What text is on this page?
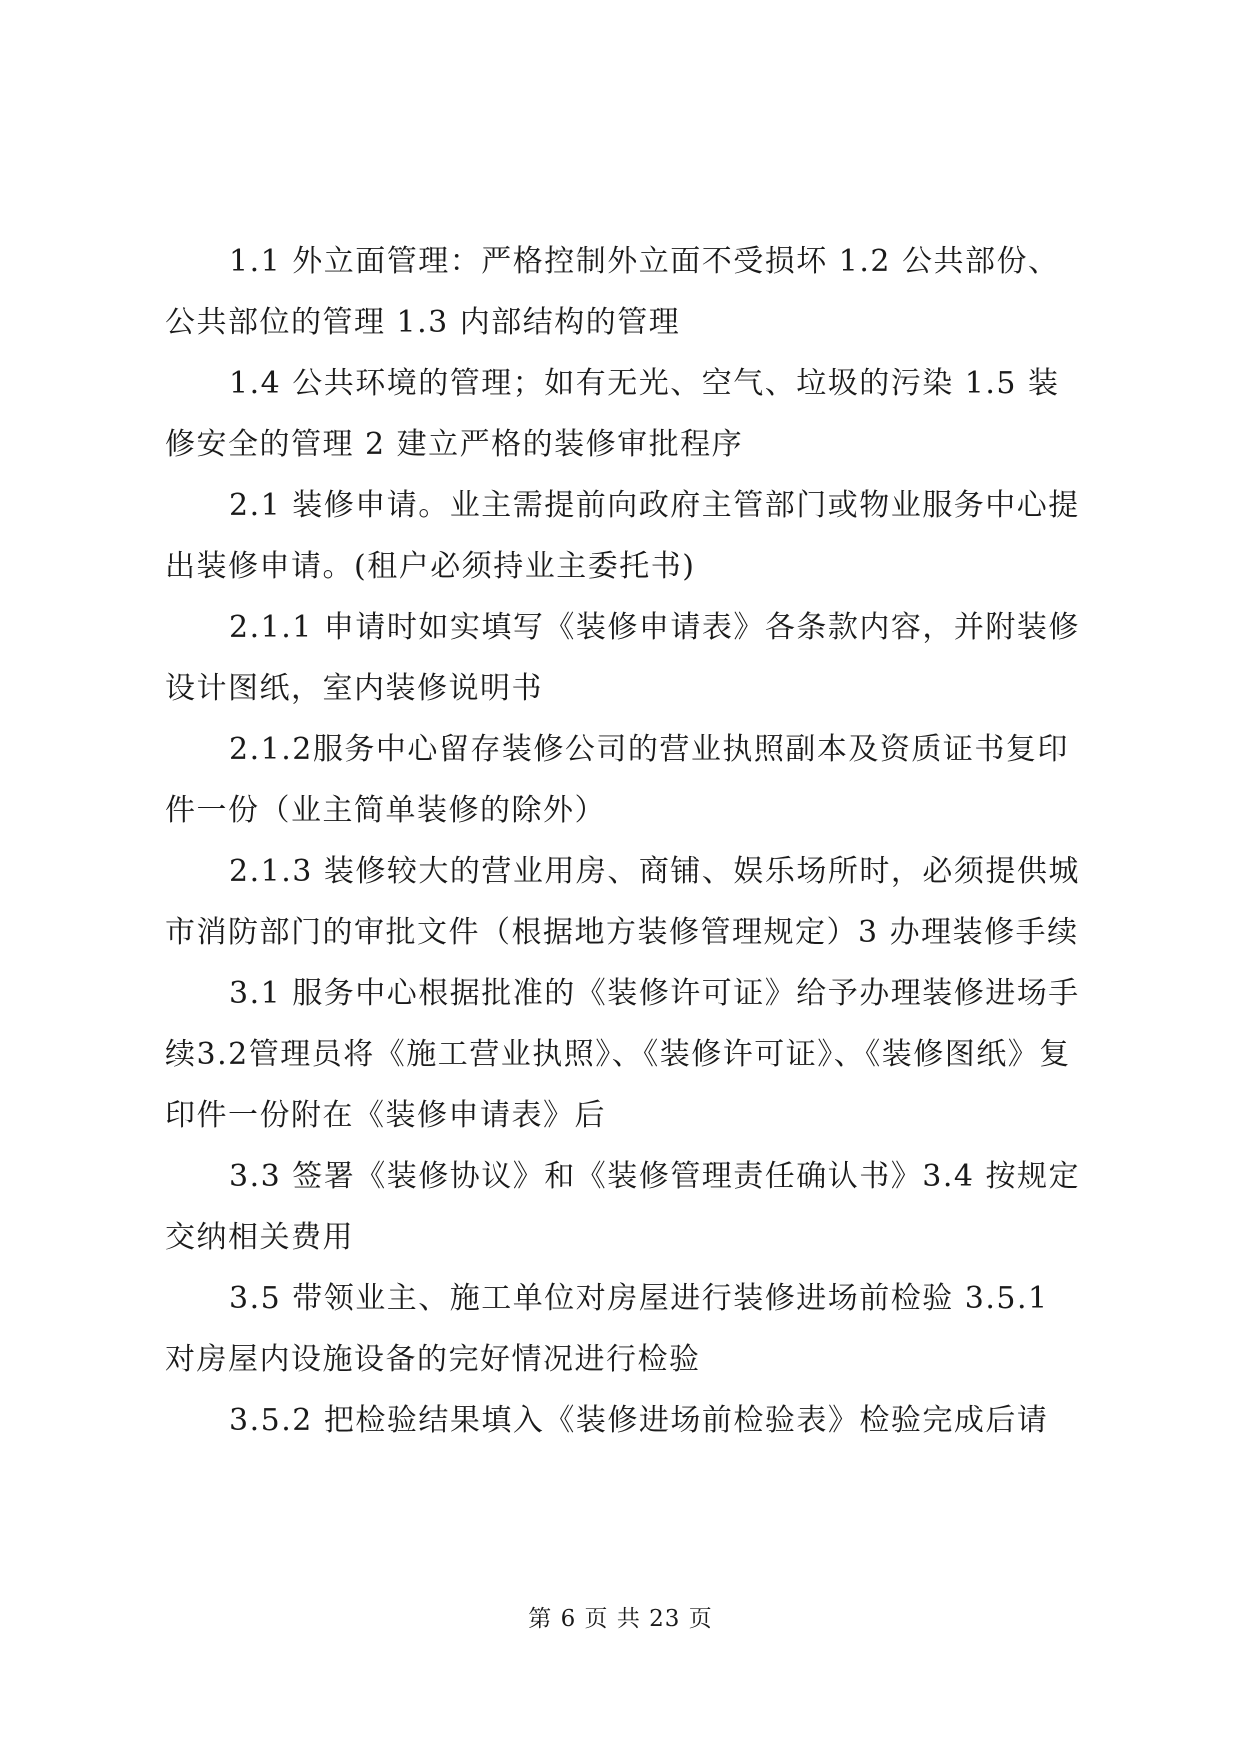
1.1 外立面管理：严格控制外立面不受损坏 1.2 公共部份、公共部位的管理 1.3 内部结构的管理

1.4 公共环境的管理；如有无光、空气、垃圾的污染 1.5 装修安全的管理 2 建立严格的装修审批程序

2.1 装修申请。业主需提前向政府主管部门或物业服务中心提出装修申请。(租户必须持业主委托书)

2.1.1 申请时如实填写《装修申请表》各条款内容，并附装修设计图纸，室内装修说明书

2.1.2服务中心留存装修公司的营业执照副本及资质证书复印件一份（业主简单装修的除外）

2.1.3 装修较大的营业用房、商铺、娱乐场所时，必须提供城市消防部门的审批文件（根据地方装修管理规定）3 办理装修手续

3.1 服务中心根据批准的《装修许可证》给予办理装修进场手续3.2管理员将《施工营业执照》、《装修许可证》、《装修图纸》复印件一份附在《装修申请表》后

3.3 签署《装修协议》和《装修管理责任确认书》3.4 按规定交纳相关费用

3.5 带领业主、施工单位对房屋进行装修进场前检验 3.5.1 对房屋内设施设备的完好情况进行检验

3.5.2 把检验结果填入《装修进场前检验表》检验完成后请

第 6 页 共 23 页
